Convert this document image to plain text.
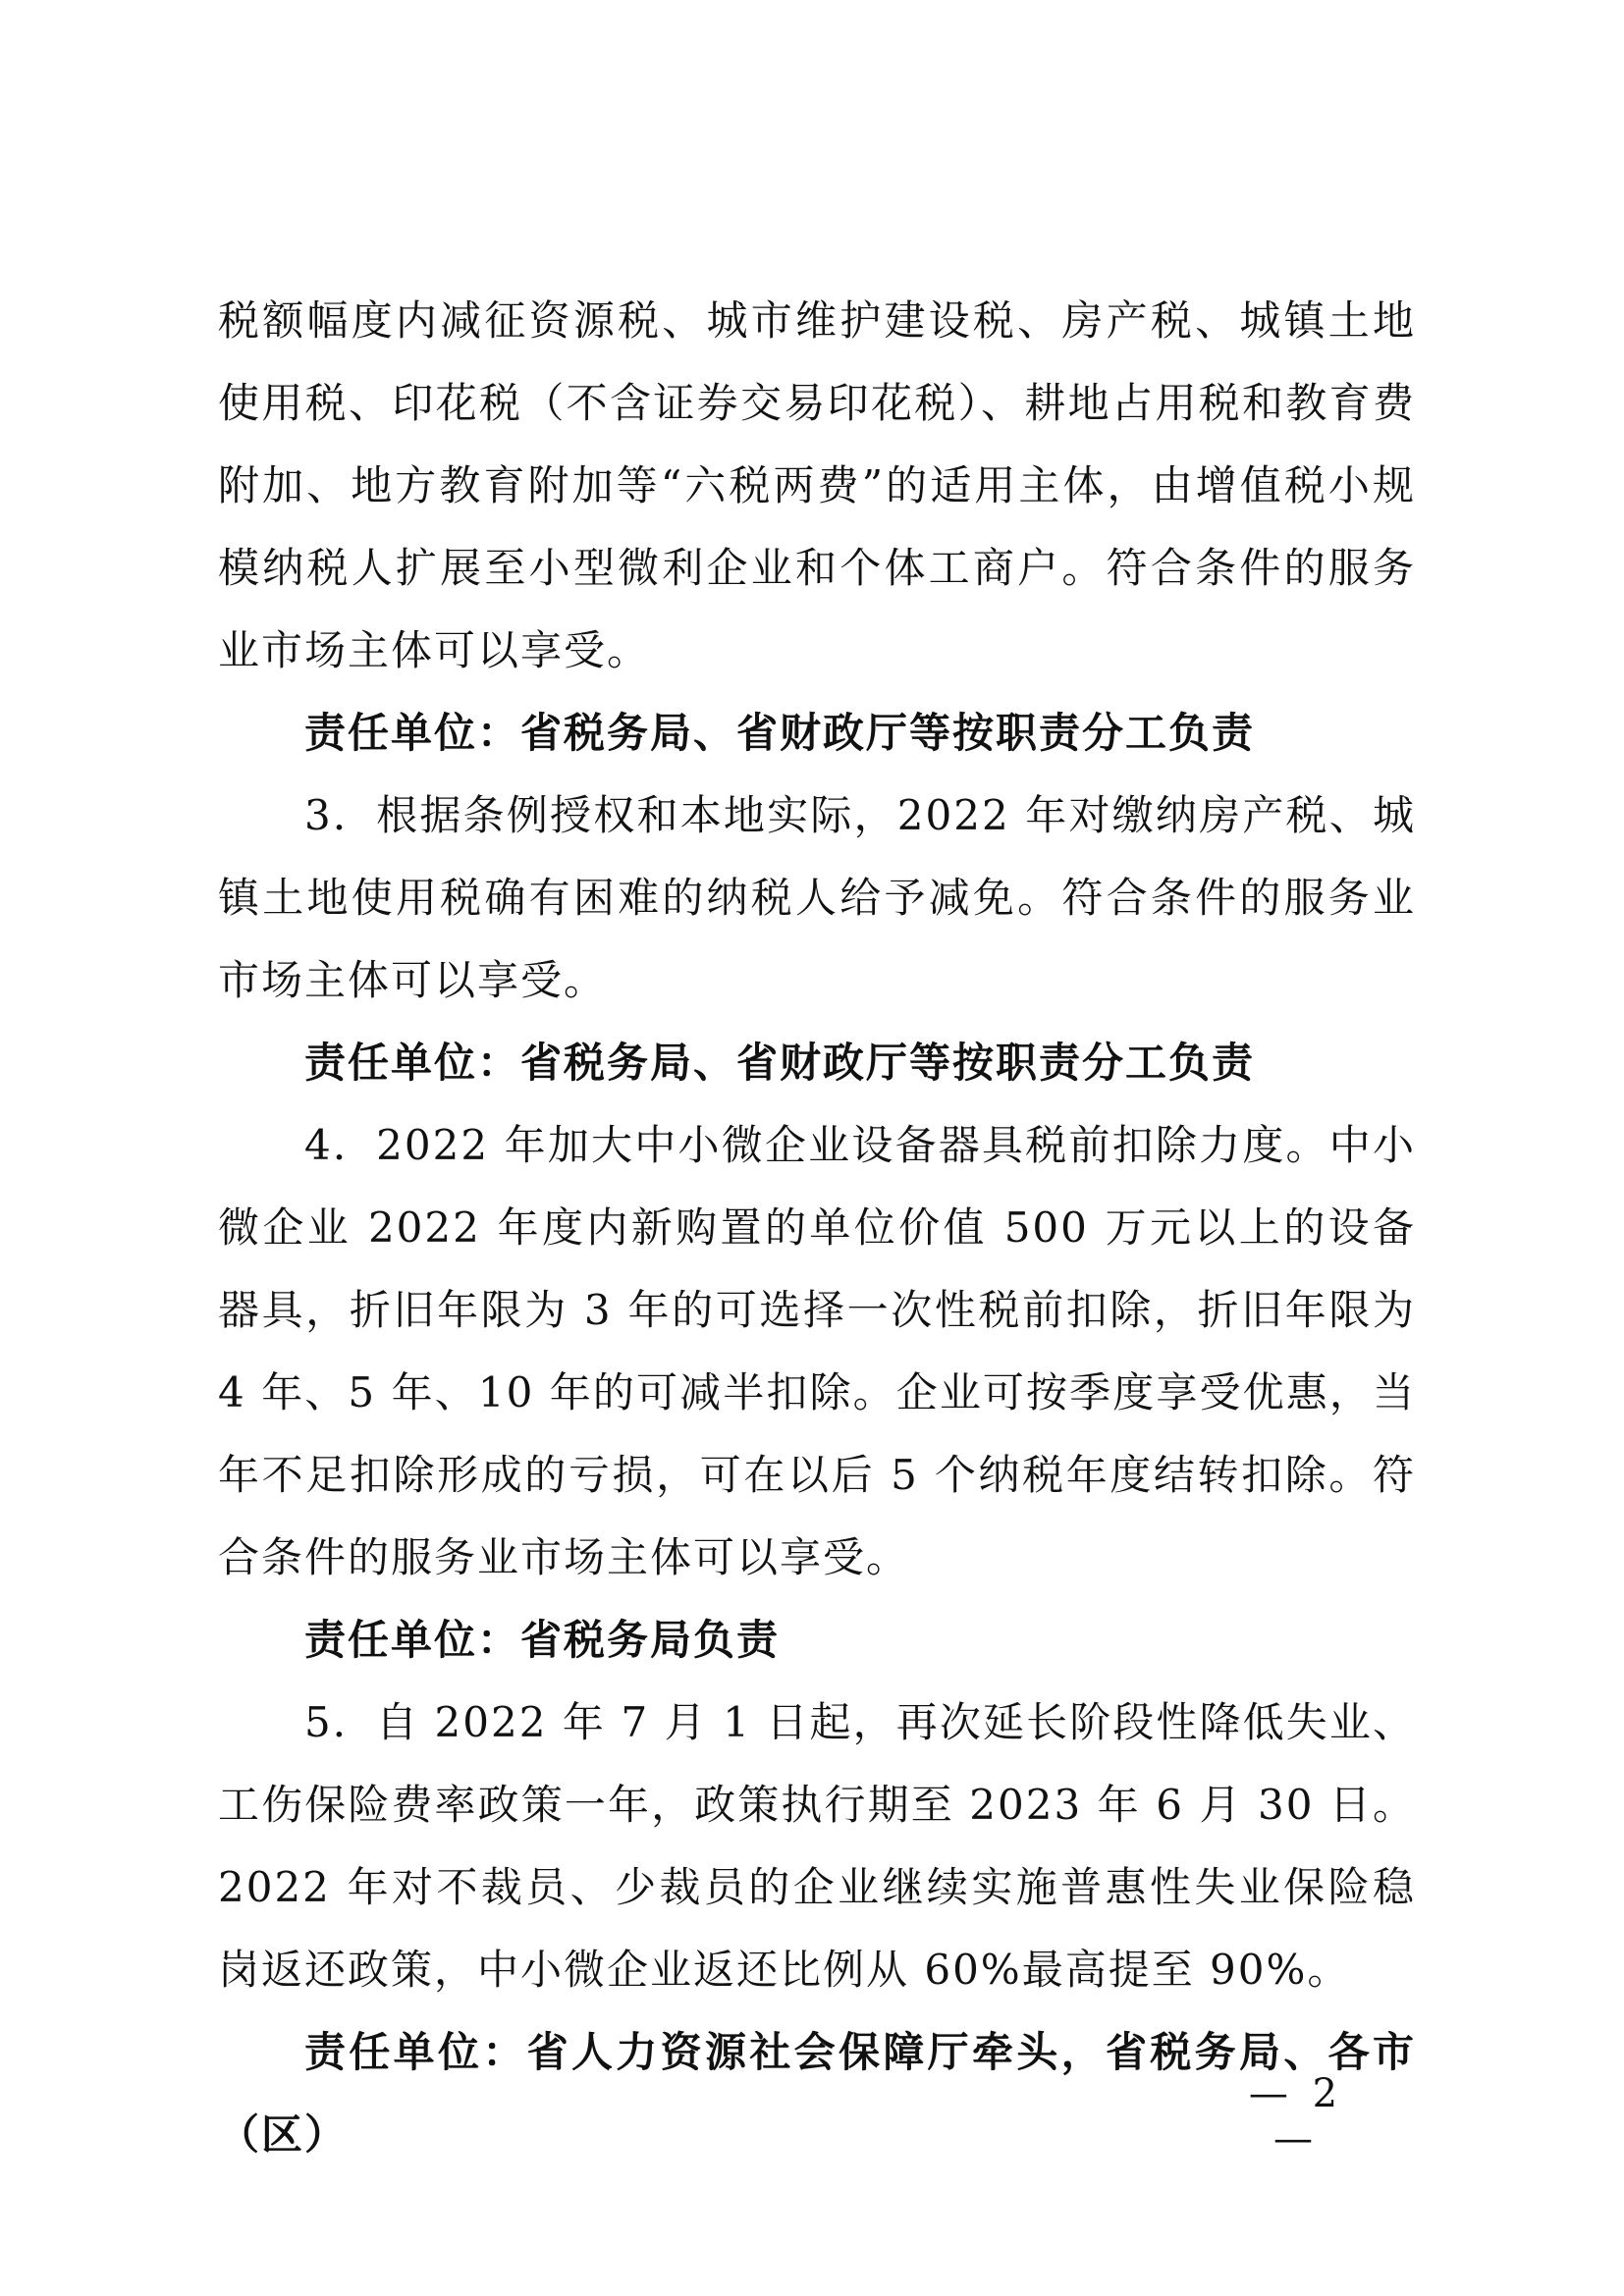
税额幅度内减征资源税、城市维护建设税、房产税、城镇土地使用税、印花税（不含证券交易印花税）、耕地占用税和教育费附加、地方教育附加等“六税两费”的适用主体，由增值税小规模纳税人扩展至小型微利企业和个体工商户。符合条件的服务业市场主体可以享受。

责任单位：省税务局、省财政厅等按职责分工负责

3．根据条例授权和本地实际，2022 年对缴纳房产税、城镇土地使用税确有困难的纳税人给予减免。符合条件的服务业市场主体可以享受。

责任单位：省税务局、省财政厅等按职责分工负责

4．2022 年加大中小微企业设备器具税前扣除力度。中小微企业 2022 年度内新购置的单位价值 500 万元以上的设备器具，折旧年限为 3 年的可选择一次性税前扣除，折旧年限为 4 年、5 年、10 年的可减半扣除。企业可按季度享受优惠，当年不足扣除形成的亏损，可在以后 5 个纳税年度结转扣除。符合条件的服务业市场主体可以享受。

责任单位：省税务局负责

5．自 2022 年 7 月 1 日起，再次延长阶段性降低失业、工伤保险费率政策一年，政策执行期至 2023 年 6 月 30 日。2022 年对不裁员、少裁员的企业继续实施普惠性失业保险稳岗返还政策，中小微企业返还比例从 60%最高提至 90%。

责任单位：省人力资源社会保障厅牵头，省税务局、各市（区）

— 2 —
